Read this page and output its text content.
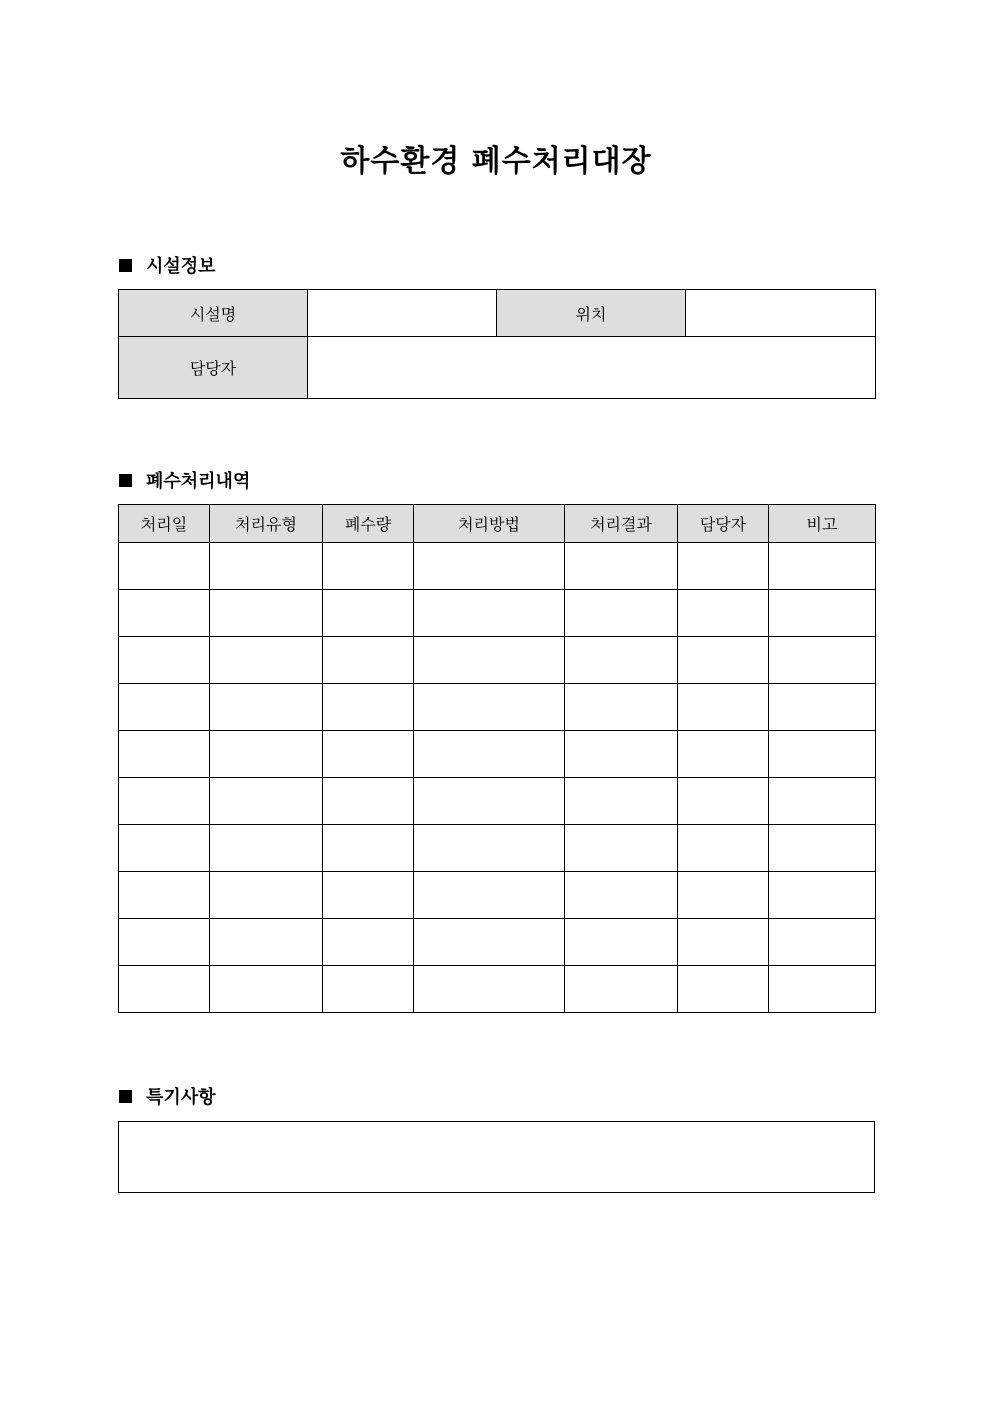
하수환경 폐수처리대장
시설정보
시설명		위치	
담당자			
폐수처리내역
처리일	처리유형	폐수량	처리방법	처리결과	담당자	비고

특기사항
